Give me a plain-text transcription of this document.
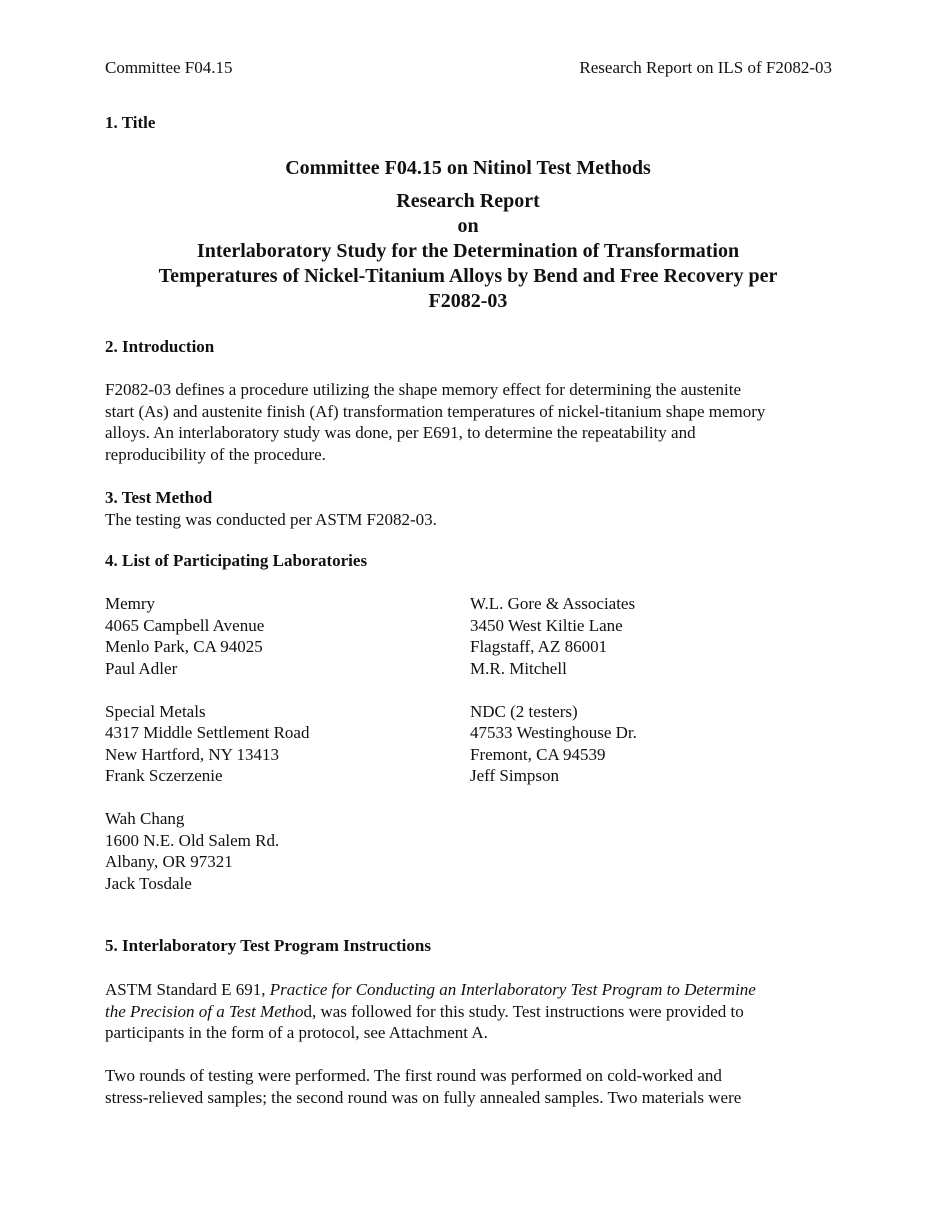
Committee F04.15	Research Report on ILS of F2082-03
1. Title
Committee F04.15 on Nitinol Test Methods
Research Report
on
Interlaboratory Study for the Determination of Transformation
Temperatures of Nickel-Titanium Alloys by Bend and Free Recovery per
F2082-03
2. Introduction

F2082-03 defines a procedure utilizing the shape memory effect for determining the austenite

start (As) and austenite finish (Af) transformation temperatures of nickel-titanium shape memory

alloys. An interlaboratory study was done, per E691, to determine the repeatability and

reproducibility of the procedure.

3. Test Method

The testing was conducted per ASTM F2082-03.

4. List of Participating Laboratories
Memry
4065 Campbell Avenue
Menlo Park, CA 94025
Paul Adler
Special Metals
4317 Middle Settlement Road
New Hartford, NY 13413
Frank Sczerzenie
Wah Chang
1600 N.E. Old Salem Rd.
Albany, OR 97321
Jack Tosdale
W.L. Gore & Associates
3450 West Kiltie Lane
Flagstaff, AZ 86001
M.R. Mitchell
NDC (2 testers)
47533 Westinghouse Dr.
Fremont, CA 94539
Jeff Simpson
5. Interlaboratory Test Program Instructions

ASTM Standard E 691, Practice for Conducting an Interlaboratory Test Program to Determine

the Precision of a Test Method, was followed for this study. Test instructions were provided to

participants in the form of a protocol, see Attachment A.

Two rounds of testing were performed. The first round was performed on cold-worked and

stress-relieved samples; the second round was on fully annealed samples. Two materials were
